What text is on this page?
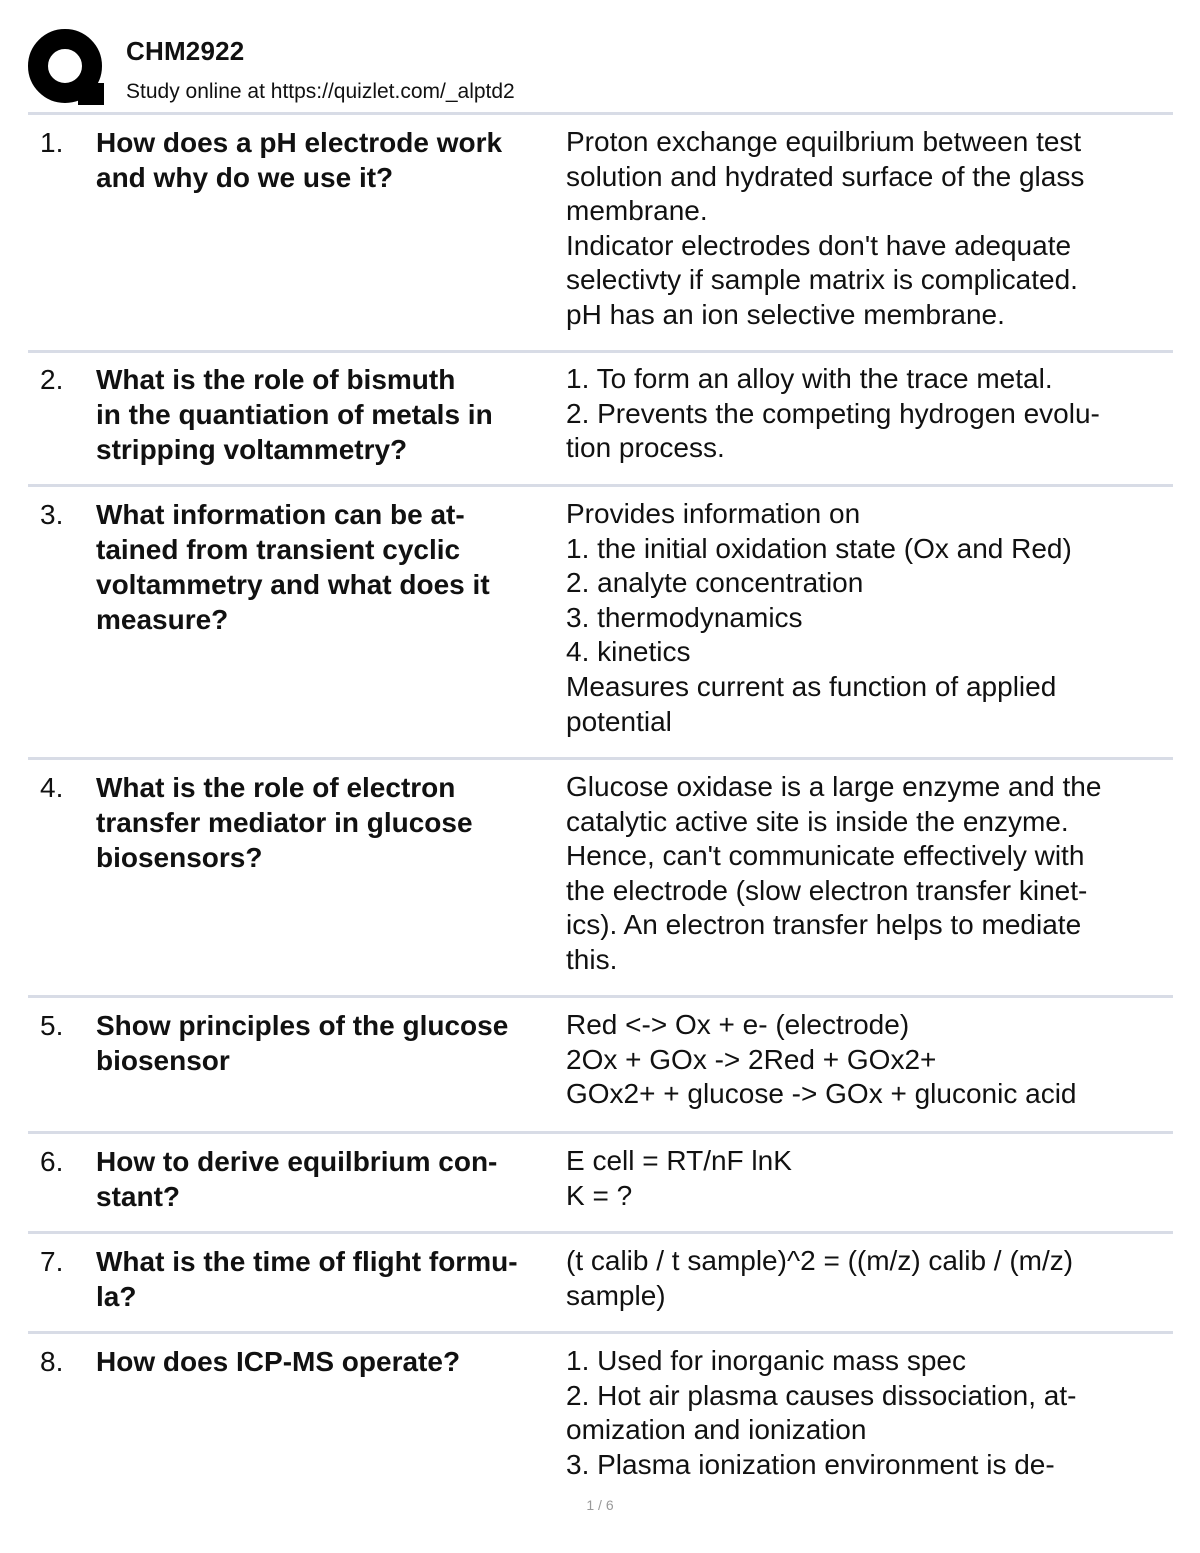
CHM2922
Study online at https://quizlet.com/_alptd2
1. How does a pH electrode work
and why do we use it?
Proton exchange equilbrium between test
solution and hydrated surface of the glass
membrane.
Indicator electrodes don't have adequate
selectivty if sample matrix is complicated.
pH has an ion selective membrane.
2. What is the role of bismuth
in the quantiation of metals in
stripping voltammetry?
1. To form an alloy with the trace metal.
2. Prevents the competing hydrogen evolu-
tion process.
3. What information can be at-
tained from transient cyclic
voltammetry and what does it
measure?
Provides information on
1. the initial oxidation state (Ox and Red)
2. analyte concentration
3. thermodynamics
4. kinetics
Measures current as function of applied
potential
4. What is the role of electron
transfer mediator in glucose
biosensors?
Glucose oxidase is a large enzyme and the
catalytic active site is inside the enzyme.
Hence, can't communicate effectively with
the electrode (slow electron transfer kinet-
ics). An electron transfer helps to mediate
this.
5. Show principles of the glucose
biosensor
Red <-> Ox + e- (electrode)
2Ox + GOx -> 2Red + GOx2+
GOx2+ + glucose -> GOx + gluconic acid
6. How to derive equilbrium con-
stant?
E cell = RT/nF lnK
K = ?
7. What is the time of flight formu-
la?
(t calib / t sample)^2 = ((m/z) calib / (m/z)
sample)
8. How does ICP-MS operate?	1. Used for inorganic mass spec
2. Hot air plasma causes dissociation, at-
omization and ionization
3. Plasma ionization environment is de-
1 / 6
